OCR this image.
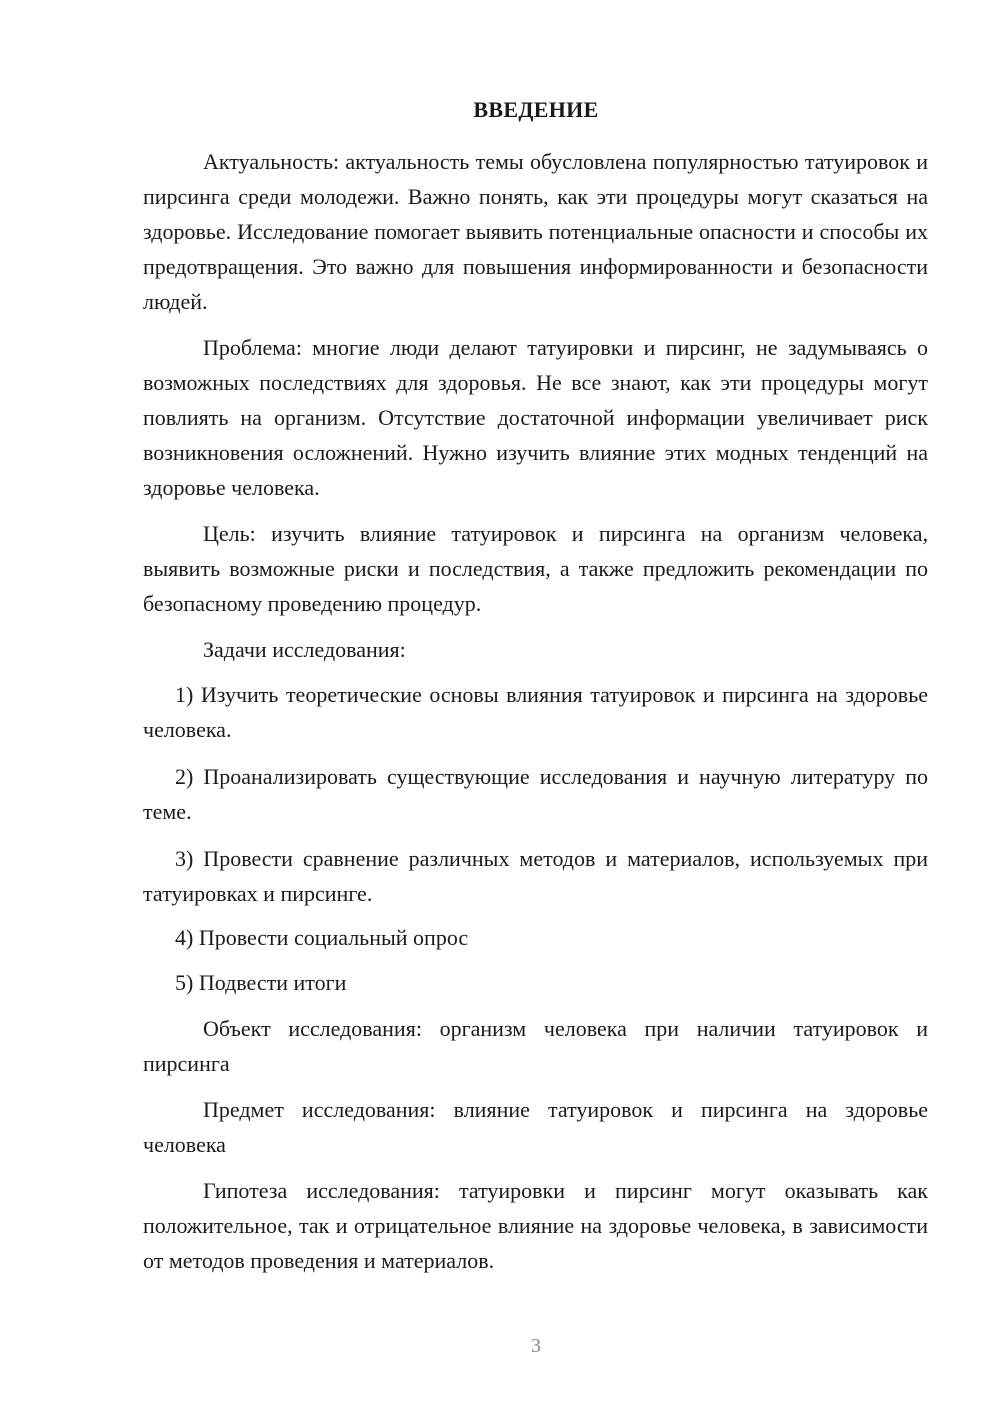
ВВЕДЕНИЕ

Актуальность: актуальность темы обусловлена популярностью татуировок и пирсинга среди молодежи. Важно понять, как эти процедуры могут сказаться на здоровье. Исследование помогает выявить потенциальные опасности и способы их предотвращения. Это важно для повышения информированности и безопасности людей.

Проблема: многие люди делают татуировки и пирсинг, не задумываясь о возможных последствиях для здоровья. Не все знают, как эти процедуры могут повлиять на организм. Отсутствие достаточной информации увеличивает риск возникновения осложнений. Нужно изучить влияние этих модных тенденций на здоровье человека.

Цель: изучить влияние татуировок и пирсинга на организм человека, выявить возможные риски и последствия, а также предложить рекомендации по безопасному проведению процедур.

Задачи исследования:

1) Изучить теоретические основы влияния татуировок и пирсинга на здоровье человека.

2) Проанализировать существующие исследования и научную литературу по теме.

3) Провести сравнение различных методов и материалов, используемых при татуировках и пирсинге.

4) Провести социальный опрос

5) Подвести итоги

Объект исследования: организм человека при наличии татуировок и пирсинга

Предмет исследования: влияние татуировок и пирсинга на здоровье человека

Гипотеза исследования: татуировки и пирсинг могут оказывать как положительное, так и отрицательное влияние на здоровье человека, в зависимости от методов проведения и материалов.

3
